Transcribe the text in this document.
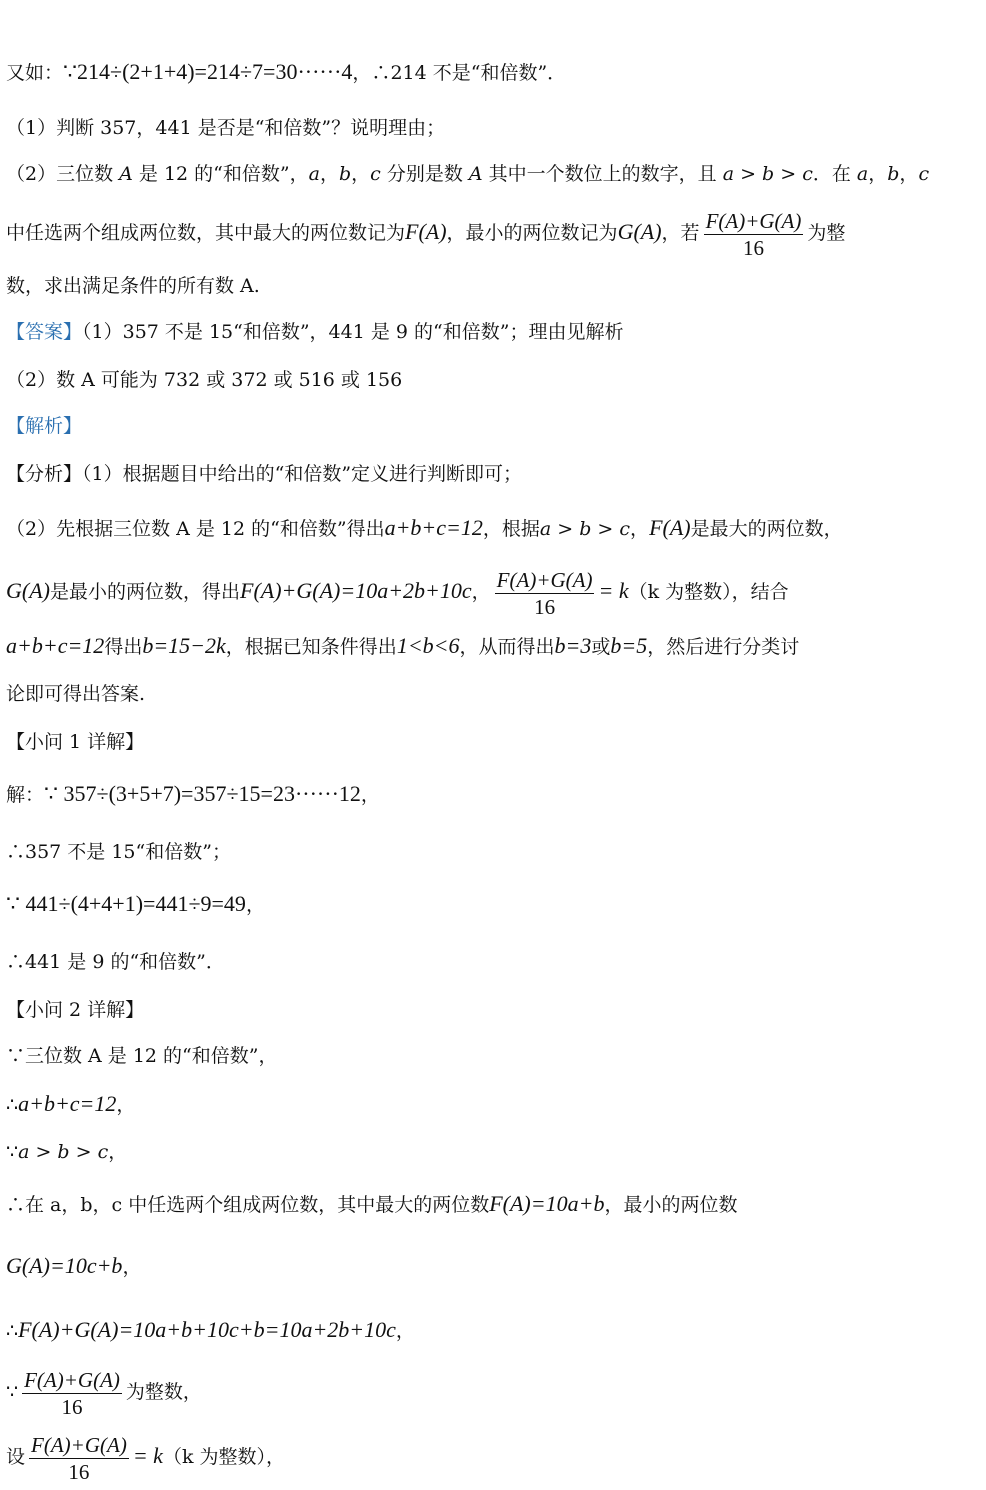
又如：∵214÷(2+1+4)=214÷7=30······4，∴214 不是“和倍数”．
（1）判断 357，441 是否是“和倍数”？说明理由；
（2）三位数 A 是 12 的“和倍数”，a，b，c 分别是数 A 其中一个数位上的数字，且 a > b > c．在 a，b，c
中任选两个组成两位数，其中最大的两位数记为F(A)，最小的两位数记为G(A)，若 $\frac{F(A)+G(A)}{16}$ 为整
数，求出满足条件的所有数 A.
【答案】（1）357 不是 15“和倍数”，441 是 9 的“和倍数”；理由见解析
（2）数 A 可能为 732 或 372 或 516 或 156
【解析】
【分析】（1）根据题目中给出的“和倍数”定义进行判断即可；
（2）先根据三位数 A 是 12 的“和倍数”得出a+b+c=12，根据a > b > c，F(A)是最大的两位数，
G(A)是最小的两位数，得出F(A)+G(A)=10a+2b+10c， $\frac{F(A)+G(A)}{16} = k(k$ 为整数），结合
a+b+c=12得出b=15−2k，根据已知条件得出1<b<6，从而得出b=3或b=5，然后进行分类讨
论即可得出答案.
【小问 1 详解】
解：∵ 357÷(3+5+7)=357÷15=23······12，
∴357 不是 15“和倍数”；
∵ 441÷(4+4+1)=441÷9=49，
∴441 是 9 的“和倍数”．
【小问 2 详解】
∵三位数 A 是 12 的“和倍数”，
∴a+b+c=12，
∵a > b > c，
∴在 a，b，c 中任选两个组成两位数，其中最大的两位数F(A)=10a+b，最小的两位数
G(A)=10c+b，
∴F(A)+G(A)=10a+b+10c+b=10a+2b+10c，
∵ $\frac{F(A)+G(A)}{16}$ 为整数，
设 $\frac{F(A)+G(A)}{16} = k(k$ 为整数），
